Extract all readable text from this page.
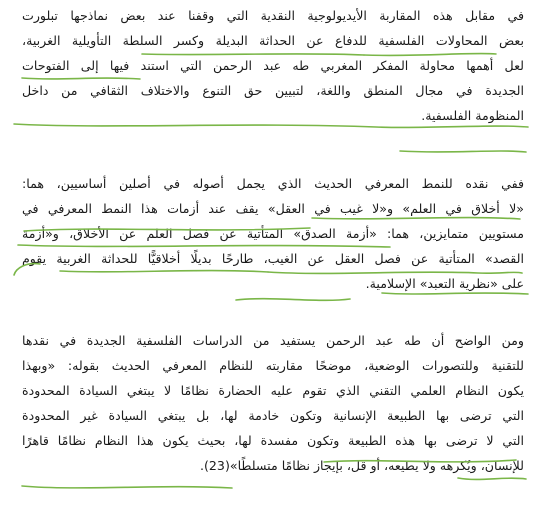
في مقابل هذه المقاربة الأيديولوجية النقدية التي وقفنا عند بعض نماذجها تبلورت
بعض المحاولات الفلسفية للدفاع عن الحداثة البديلة وكسر السلطة التأويلية الغربية،
لعل أهمها محاولة المفكر المغربي طه عبد الرحمن التي استند فيها إلى الفتوحات
الجديدة في مجال المنطق واللغة، لتبيين حق التنوع والاختلاف الثقافي من داخل
المنظومة الفلسفية.
ففي نقده للنمط المعرفي الحديث الذي يجمل أصوله في أصلين أساسيين، هما:
«لا أخلاق في العلم» و«لا غيب في العقل» يقف عند أزمات هذا النمط المعرفي في
مستويين متمايزين، هما: «أزمة الصدق» المتأتية عن فصل العلم عن الأخلاق، و«أزمة
القصد» المتأتية عن فصل العقل عن الغيب، طارحًا بديلًا أخلاقيًّا للحداثة الغربية يقوم
على «نظرية التعبد» الإسلامية.
ومن الواضح أن طه عبد الرحمن يستفيد من الدراسات الفلسفية الجديدة في نقدها
للتقنية وللتصورات الوضعية، موضحًا مقاربته للنظام المعرفي الحديث بقوله: «وبهذا
يكون النظام العلمي التقني الذي تقوم عليه الحضارة نظامًا لا يبتغي السيادة المحدودة
التي ترضى بها الطبيعة الإنسانية وتكون خادمة لها، بل يبتغي السيادة غير المحدودة
التي لا ترضى بها هذه الطبيعة وتكون مفسدة لها، بحيث يكون هذا النظام نظامًا قاهرًا
للإنسان، ويُكرهه ولا يطيعه، أو قل، بإيجاز نظامًا متسلطًا»(23).
